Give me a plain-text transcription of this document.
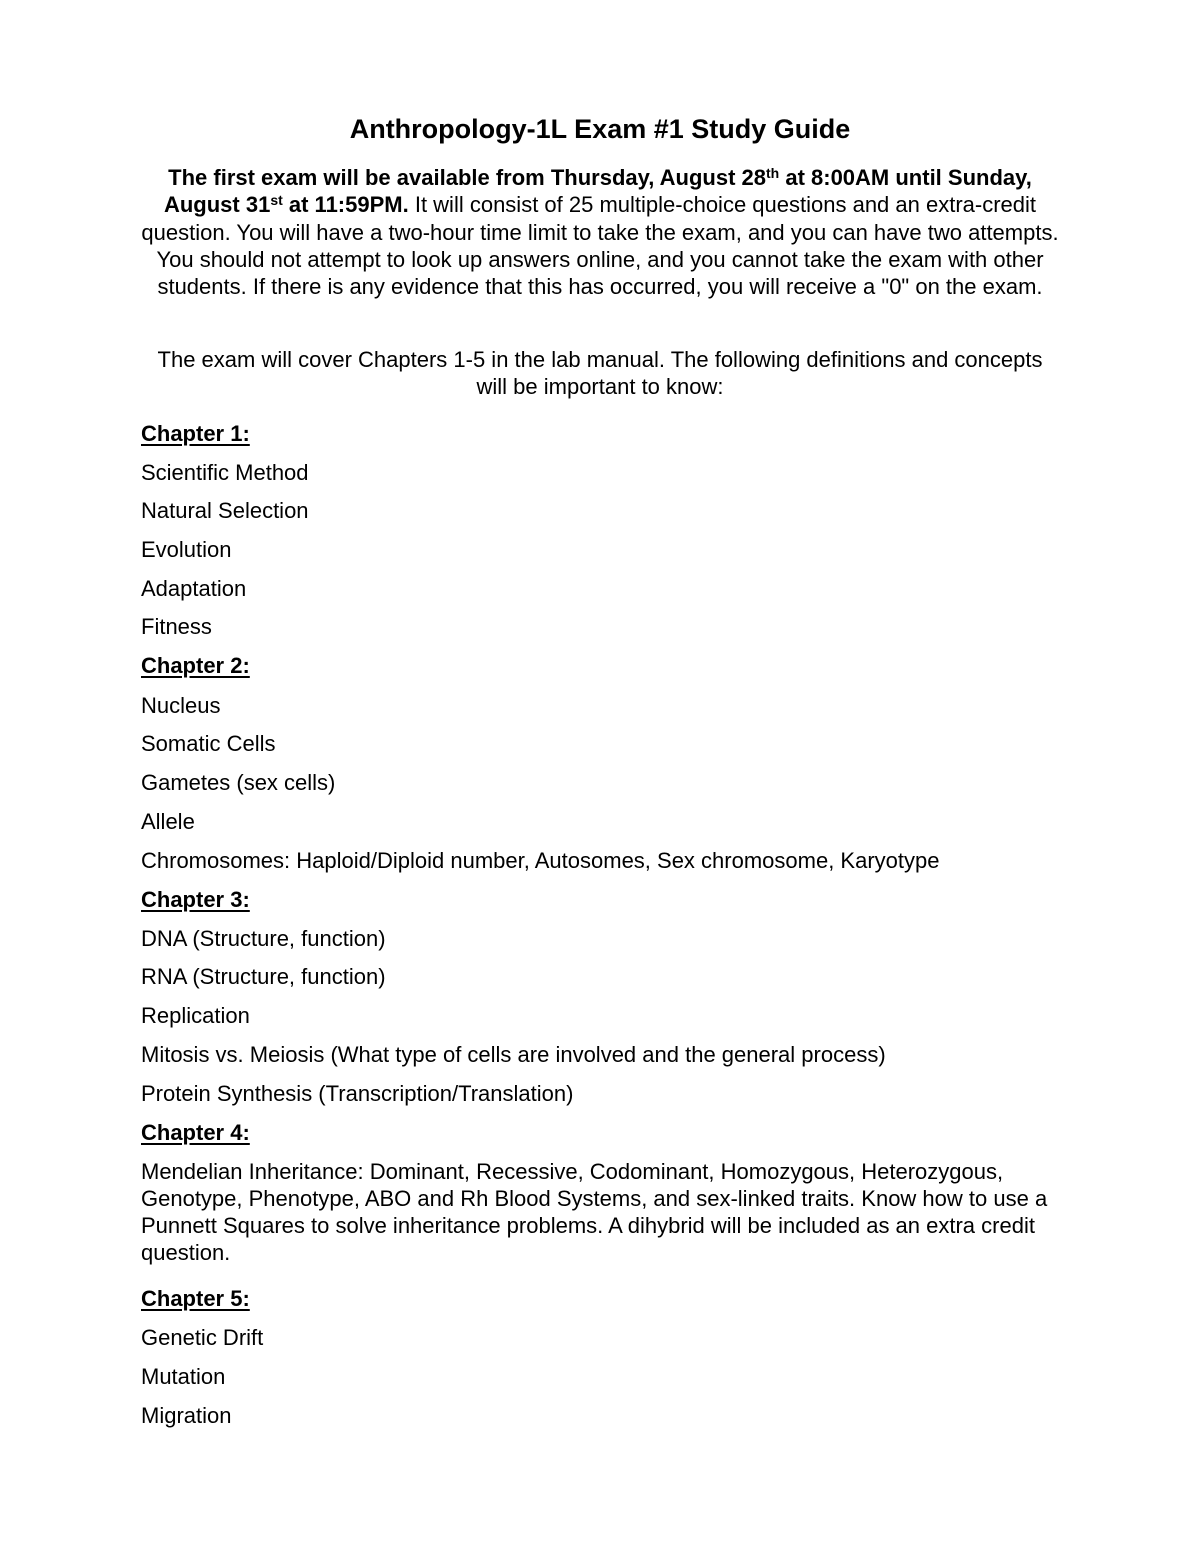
Anthropology-1L Exam #1 Study Guide

The first exam will be available from Thursday, August 28th at 8:00AM until Sunday, August 31st at 11:59PM. It will consist of 25 multiple-choice questions and an extra-credit question. You will have a two-hour time limit to take the exam, and you can have two attempts. You should not attempt to look up answers online, and you cannot take the exam with other students. If there is any evidence that this has occurred, you will receive a "0" on the exam.

The exam will cover Chapters 1-5 in the lab manual. The following definitions and concepts will be important to know:

Chapter 1:

Scientific Method

Natural Selection

Evolution

Adaptation

Fitness

Chapter 2:

Nucleus

Somatic Cells

Gametes (sex cells)

Allele

Chromosomes: Haploid/Diploid number, Autosomes, Sex chromosome, Karyotype

Chapter 3:

DNA (Structure, function)

RNA (Structure, function)

Replication

Mitosis vs. Meiosis (What type of cells are involved and the general process)

Protein Synthesis (Transcription/Translation)

Chapter 4:

Mendelian Inheritance: Dominant, Recessive, Codominant, Homozygous, Heterozygous, Genotype, Phenotype, ABO and Rh Blood Systems, and sex-linked traits. Know how to use a Punnett Squares to solve inheritance problems. A dihybrid will be included as an extra credit question.

Chapter 5:

Genetic Drift

Mutation

Migration
